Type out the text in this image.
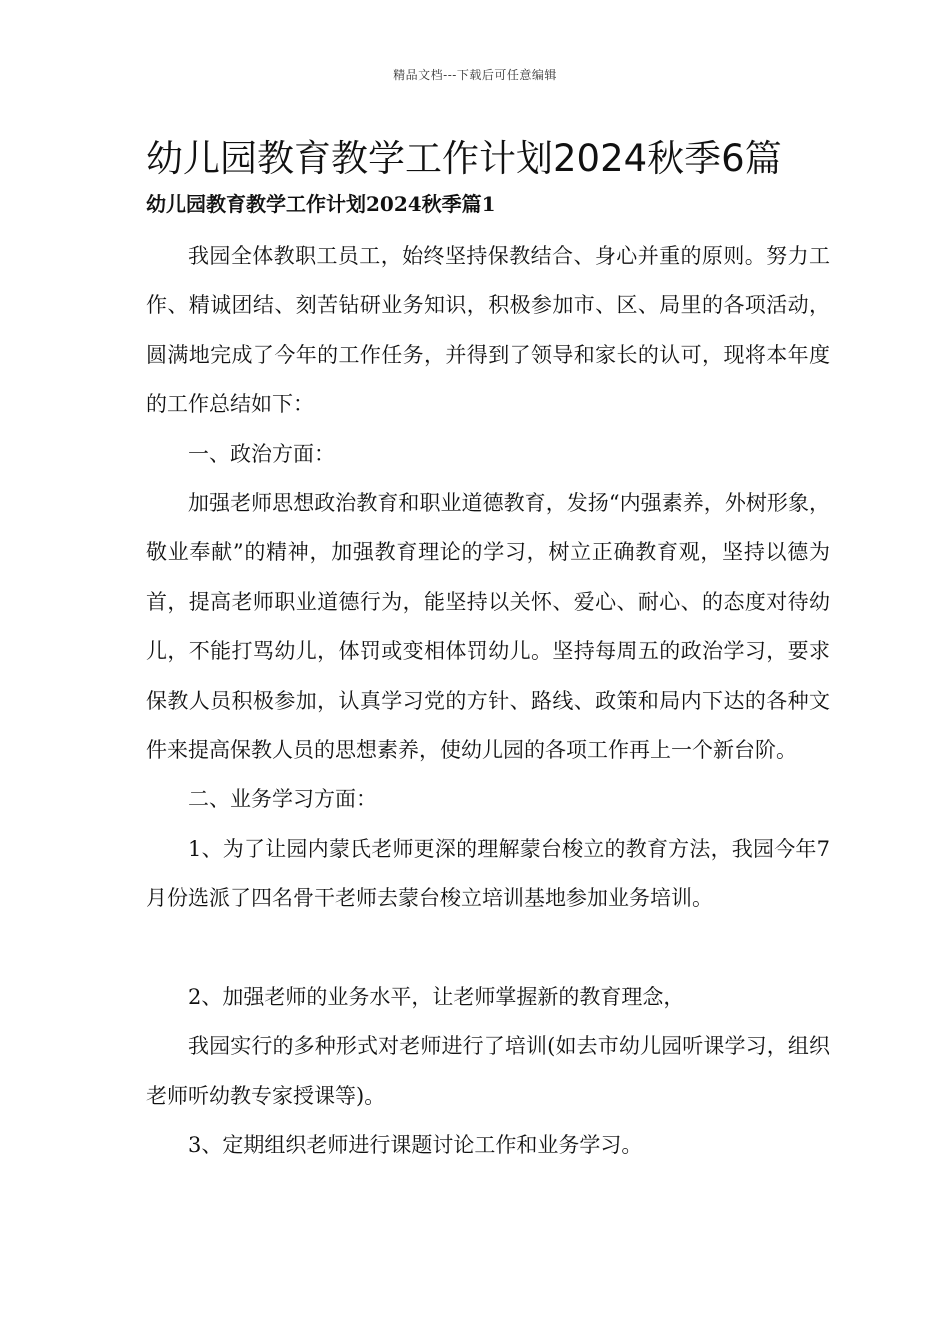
精品文档---下载后可任意编辑
幼儿园教育教学工作计划2024秋季6篇
幼儿园教育教学工作计划2024秋季篇1

我园全体教职工员工，始终坚持保教结合、身心并重的原则。努力工作、精诚团结、刻苦钻研业务知识，积极参加市、区、局里的各项活动，圆满地完成了今年的工作任务，并得到了领导和家长的认可，现将本年度的工作总结如下：

一、政治方面：

加强老师思想政治教育和职业道德教育，发扬“内强素养，外树形象，敬业奉献”的精神，加强教育理论的学习，树立正确教育观，坚持以德为首，提高老师职业道德行为，能坚持以关怀、爱心、耐心、的态度对待幼儿，不能打骂幼儿，体罚或变相体罚幼儿。坚持每周五的政治学习，要求保教人员积极参加，认真学习党的方针、路线、政策和局内下达的各种文件来提高保教人员的思想素养，使幼儿园的各项工作再上一个新台阶。

二、业务学习方面：

1、为了让园内蒙氏老师更深的理解蒙台梭立的教育方法，我园今年7月份选派了四名骨干老师去蒙台梭立培训基地参加业务培训。

2、加强老师的业务水平，让老师掌握新的教育理念，

我园实行的多种形式对老师进行了培训(如去市幼儿园听课学习，组织老师听幼教专家授课等)。

3、定期组织老师进行课题讨论工作和业务学习。
